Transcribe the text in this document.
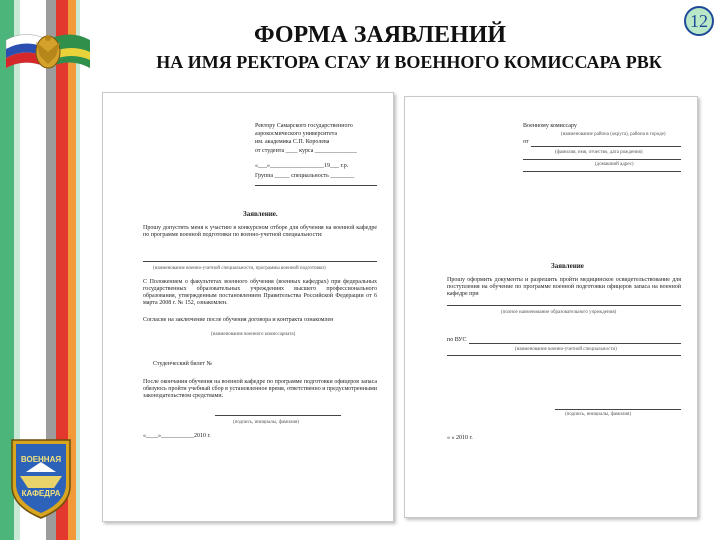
ВОЕННАЯ
КАФЕДРА
ФОРМА ЗАЯВЛЕНИЙ
НА ИМЯ РЕКТОРА СГАУ И ВОЕННОГО КОМИССАРА РВК
12
Ректору Самарского государственного
аэрокосмического университета
им. академика С.П. Королева
от студента ____ курса ______________
«___»__________________19___ г.р.
Группа _____ специальность ________
Заявление.
Прошу допустить меня к участию в конкурсном отборе для обучения на военной кафедре по программе военной подготовки по военно-учетной специальности:
(наименование военно-учетной специальности, программы военной подготовки)
С Положением о факультетах военного обучения (военных кафедрах) при федеральных государственных образовательных учреждениях высшего профессионального образования, утвержденным постановлением Правительства Российской Федерации от 6 марта 2008 г. № 152, ознакомлен.
Согласие на заключение после обучения договора и контракта ознакомлен
(наименование военного комиссариата)
Студенческий билет №
После окончания обучения на военной кафедре по программе подготовки офицеров запаса обязуюсь пройти учебный сбор в установленное время, ответственно и предусмотренными законодательством средствами.
(подпись, инициалы, фамилия)
«____»___________2010 г.
Военному комиссару
(наименование района (округа), района в городе)
от
(фамилия, имя, отчество, дата рождения)
(домашний адрес)
Заявление
Прошу оформить документы и разрешить пройти медицинское освидетельствование для поступления на обучение по программе военной подготовки офицеров запаса на военной кафедре при
(полное наименование образовательного учреждения)
по ВУС
(наименование военно-учетной специальности)
(подпись, инициалы, фамилия)
« » 2010 г.
